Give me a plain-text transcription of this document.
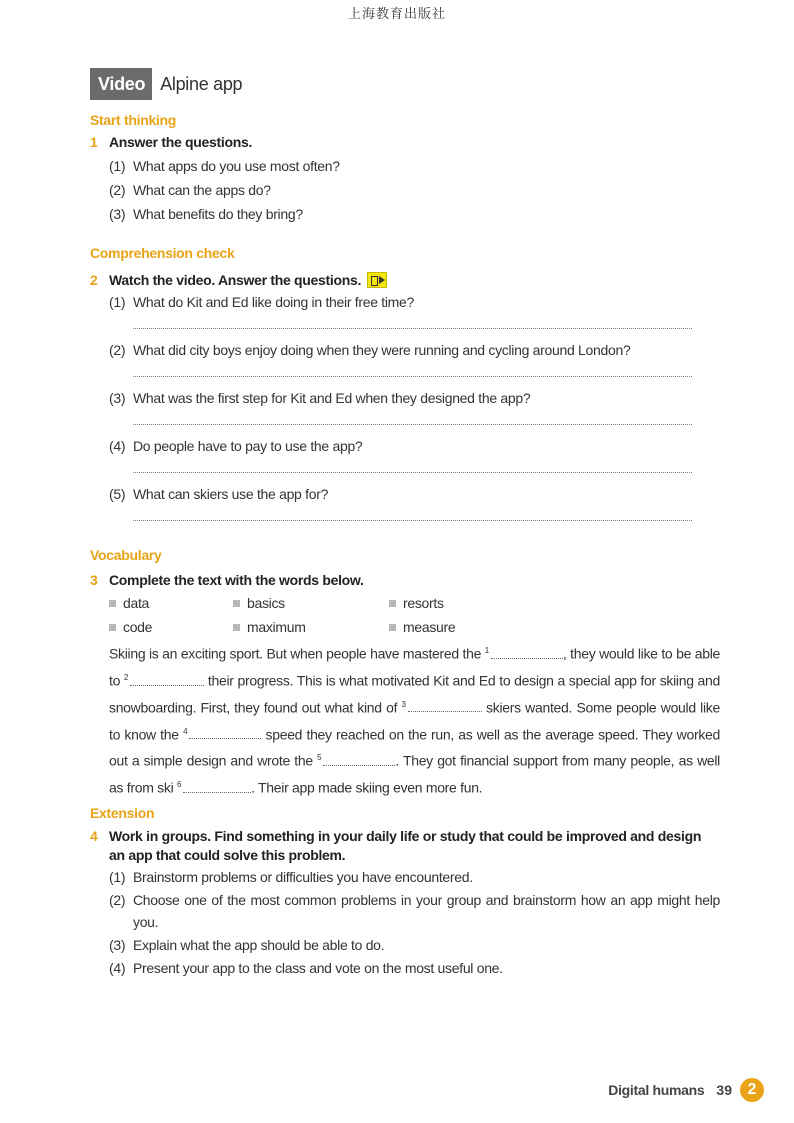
上海教育出版社
Video Alpine app
Start thinking
1 Answer the questions.
(1) What apps do you use most often?
(2) What can the apps do?
(3) What benefits do they bring?
Comprehension check
2 Watch the video. Answer the questions.
(1) What do Kit and Ed like doing in their free time?
(2) What did city boys enjoy doing when they were running and cycling around London?
(3) What was the first step for Kit and Ed when they designed the app?
(4) Do people have to pay to use the app?
(5) What can skiers use the app for?
Vocabulary
3 Complete the text with the words below.
data	basics	resorts
code	maximum	measure
Skiing is an exciting sport. But when people have mastered the $^1$	, they would like to be able to $^2$	their progress. This is what motivated Kit and Ed to design a special app for skiing and snowboarding. First, they found out what kind of $^3$	skiers wanted. Some people would like to know the $^4$	speed they reached on the run, as well as the average speed. They worked out a simple design and wrote the $^5$	. They got financial support from many people, as well as from ski $^6$	. Their app made skiing even more fun.
Extension
4 Work in groups. Find something in your daily life or study that could be improved and design an app that could solve this problem.
(1) Brainstorm problems or difficulties you have encountered.
(2) Choose one of the most common problems in your group and brainstorm how an app might help you.
(3) Explain what the app should be able to do.
(4) Present your app to the class and vote on the most useful one.
Digital humans 39 2
